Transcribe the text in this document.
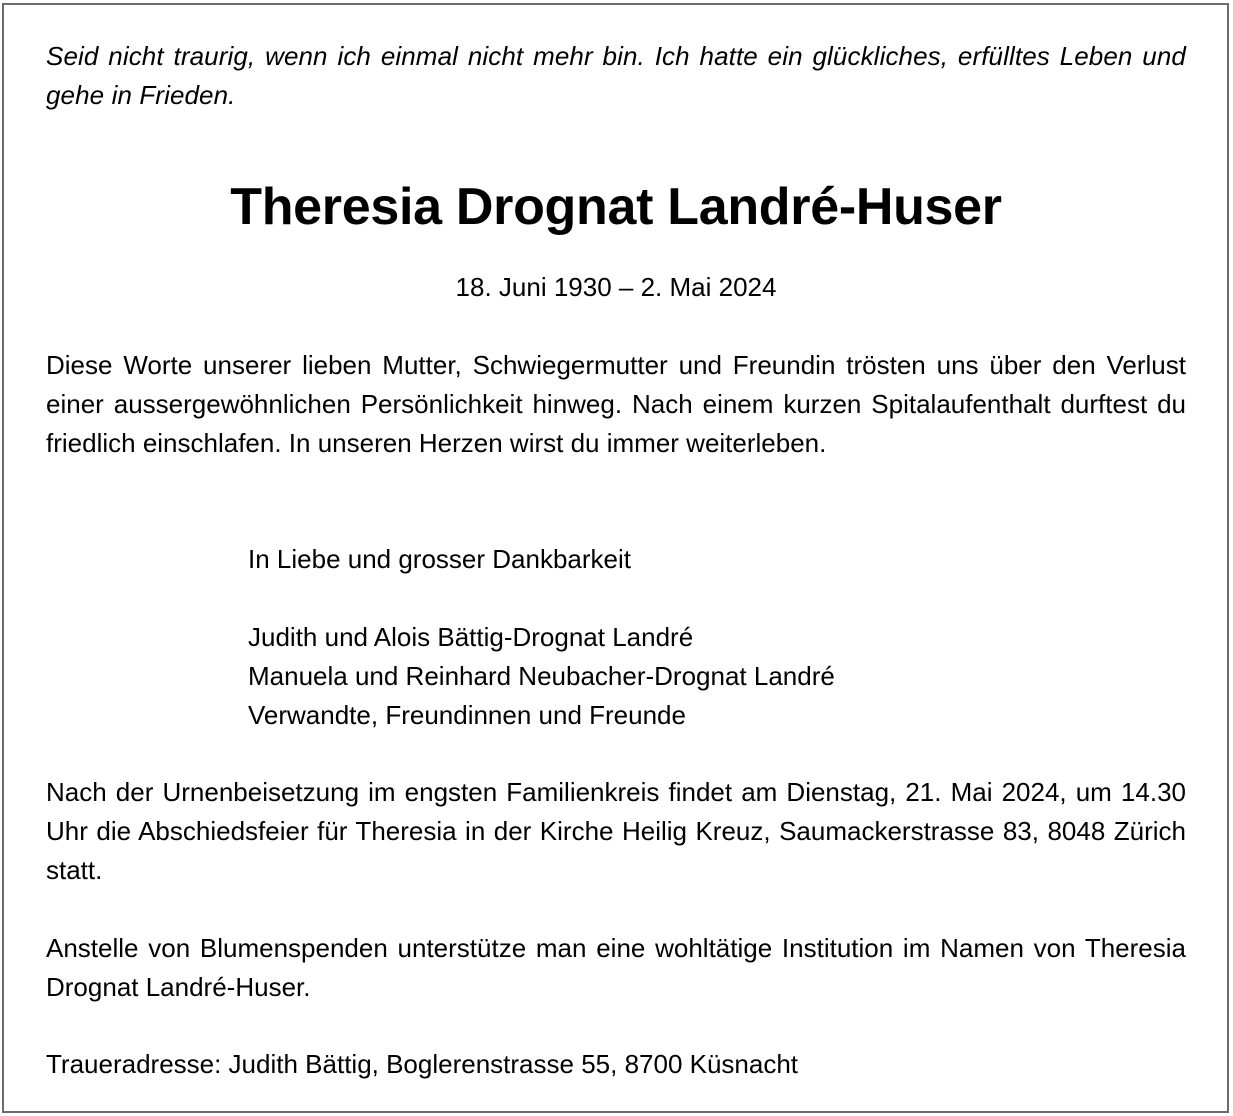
Seid nicht traurig, wenn ich einmal nicht mehr bin. Ich hatte ein glückliches, erfülltes Leben und gehe in Frieden.

Theresia Drognat Landré-Huser

18. Juni 1930 – 2. Mai 2024

Diese Worte unserer lieben Mutter, Schwiegermutter und Freundin trösten uns über den Verlust einer aussergewöhnlichen Persönlichkeit hinweg. Nach einem kurzen Spitalaufenthalt durftest du friedlich einschlafen. In unseren Herzen wirst du immer weiterleben.

In Liebe und grosser Dankbarkeit

Judith und Alois Bättig-Drognat Landré
Manuela und Reinhard Neubacher-Drognat Landré
Verwandte, Freundinnen und Freunde

Nach der Urnenbeisetzung im engsten Familienkreis findet am Dienstag, 21. Mai 2024, um 14.30 Uhr die Abschiedsfeier für Theresia in der Kirche Heilig Kreuz, Saumackerstrasse 83, 8048 Zürich statt.

Anstelle von Blumenspenden unterstütze man eine wohltätige Institution im Namen von Theresia Drognat Landré-Huser.

Traueradresse: Judith Bättig, Boglerenstrasse 55, 8700 Küsnacht
